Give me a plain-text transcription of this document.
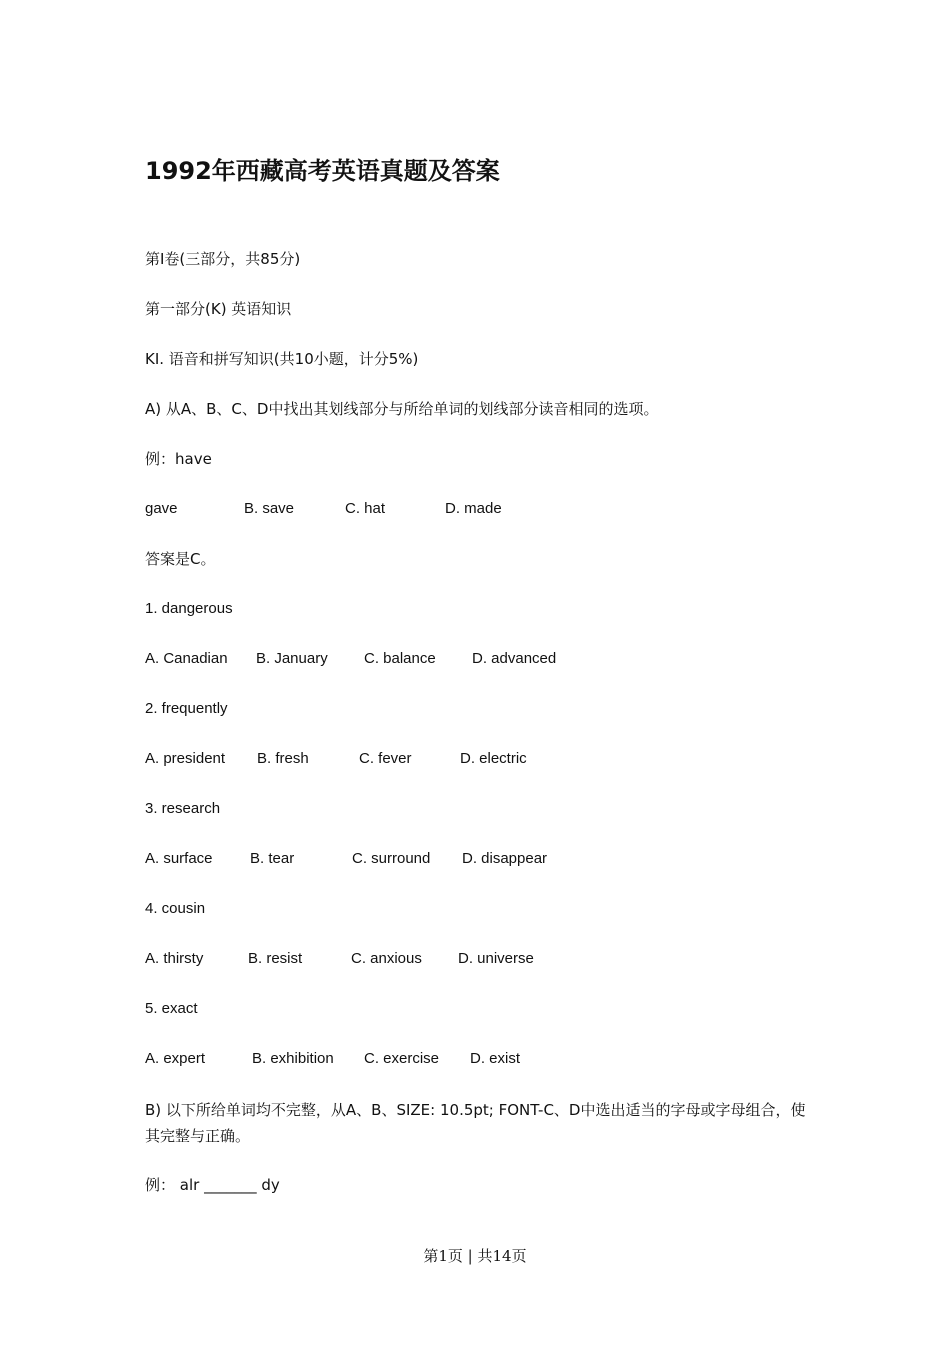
1992年西藏高考英语真题及答案
第Ⅰ卷(三部分，共85分)
第一部分(K) 英语知识
KI. 语音和拼写知识(共10小题，计分5%)
A) 从A、B、C、D中找出其划线部分与所给单词的划线部分读音相同的选项。
例：have
gave	B. save	C. hat	D. made
答案是C。
1. dangerous
A. Canadian B. January C. balance D. advanced
2. frequently
A. president B. fresh	C. fever	D. electric
3. research
A. surface B. tear	C. surround D. disappear
4. cousin
A. thirsty	B. resist	C. anxious D. universe
5. exact
A. expert	B. exhibition C. exercise D. exist
B) 以下所给单词均不完整，从A、B、SIZE: 10.5pt; FONT-C、D中选出适当的字母或字母组合，使其完整与正确。
例： alr _______ dy
第1页 | 共14页
